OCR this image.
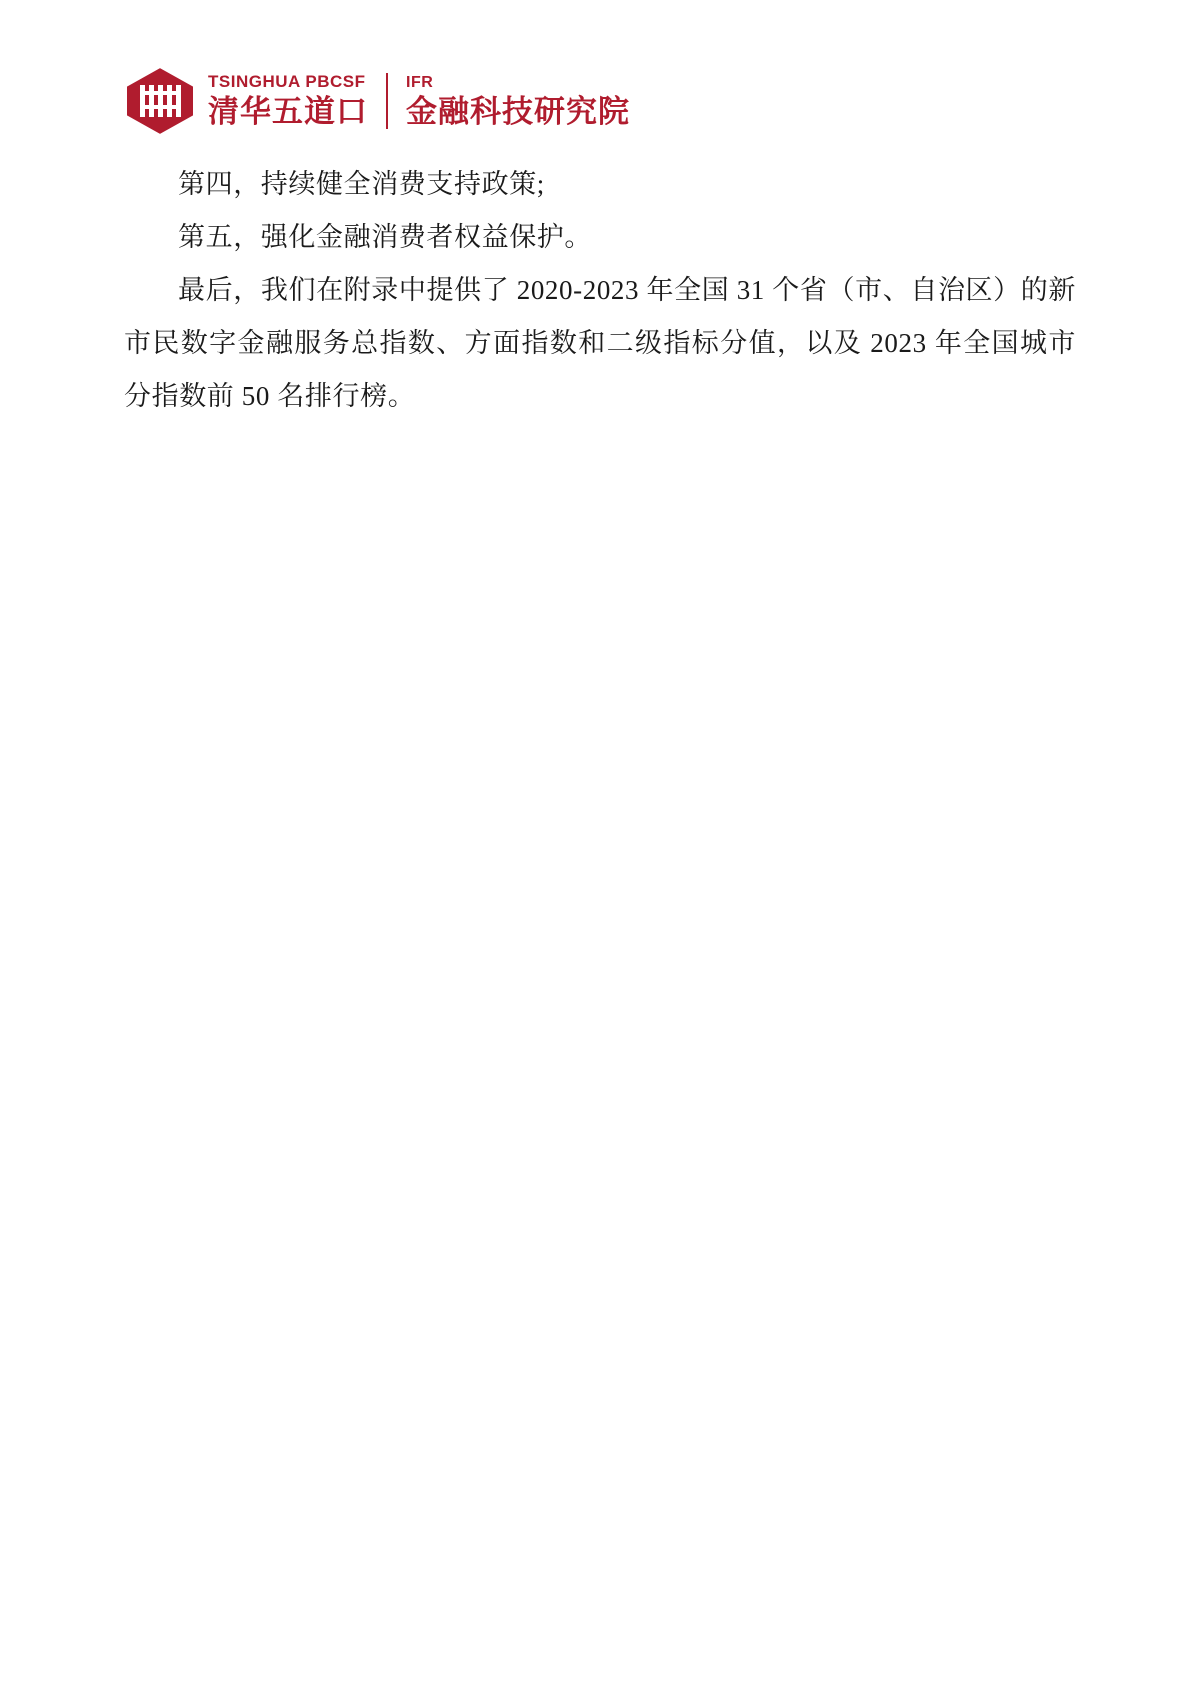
TSINGHUA PBCSF
清华五道口
IFR
金融科技研究院

第四，持续健全消费支持政策;

第五，强化金融消费者权益保护。

最后，我们在附录中提供了 2020-2023 年全国 31 个省（市、自治区）的新市民数字金融服务总指数、方面指数和二级指标分值，以及 2023 年全国城市分指数前 50 名排行榜。
